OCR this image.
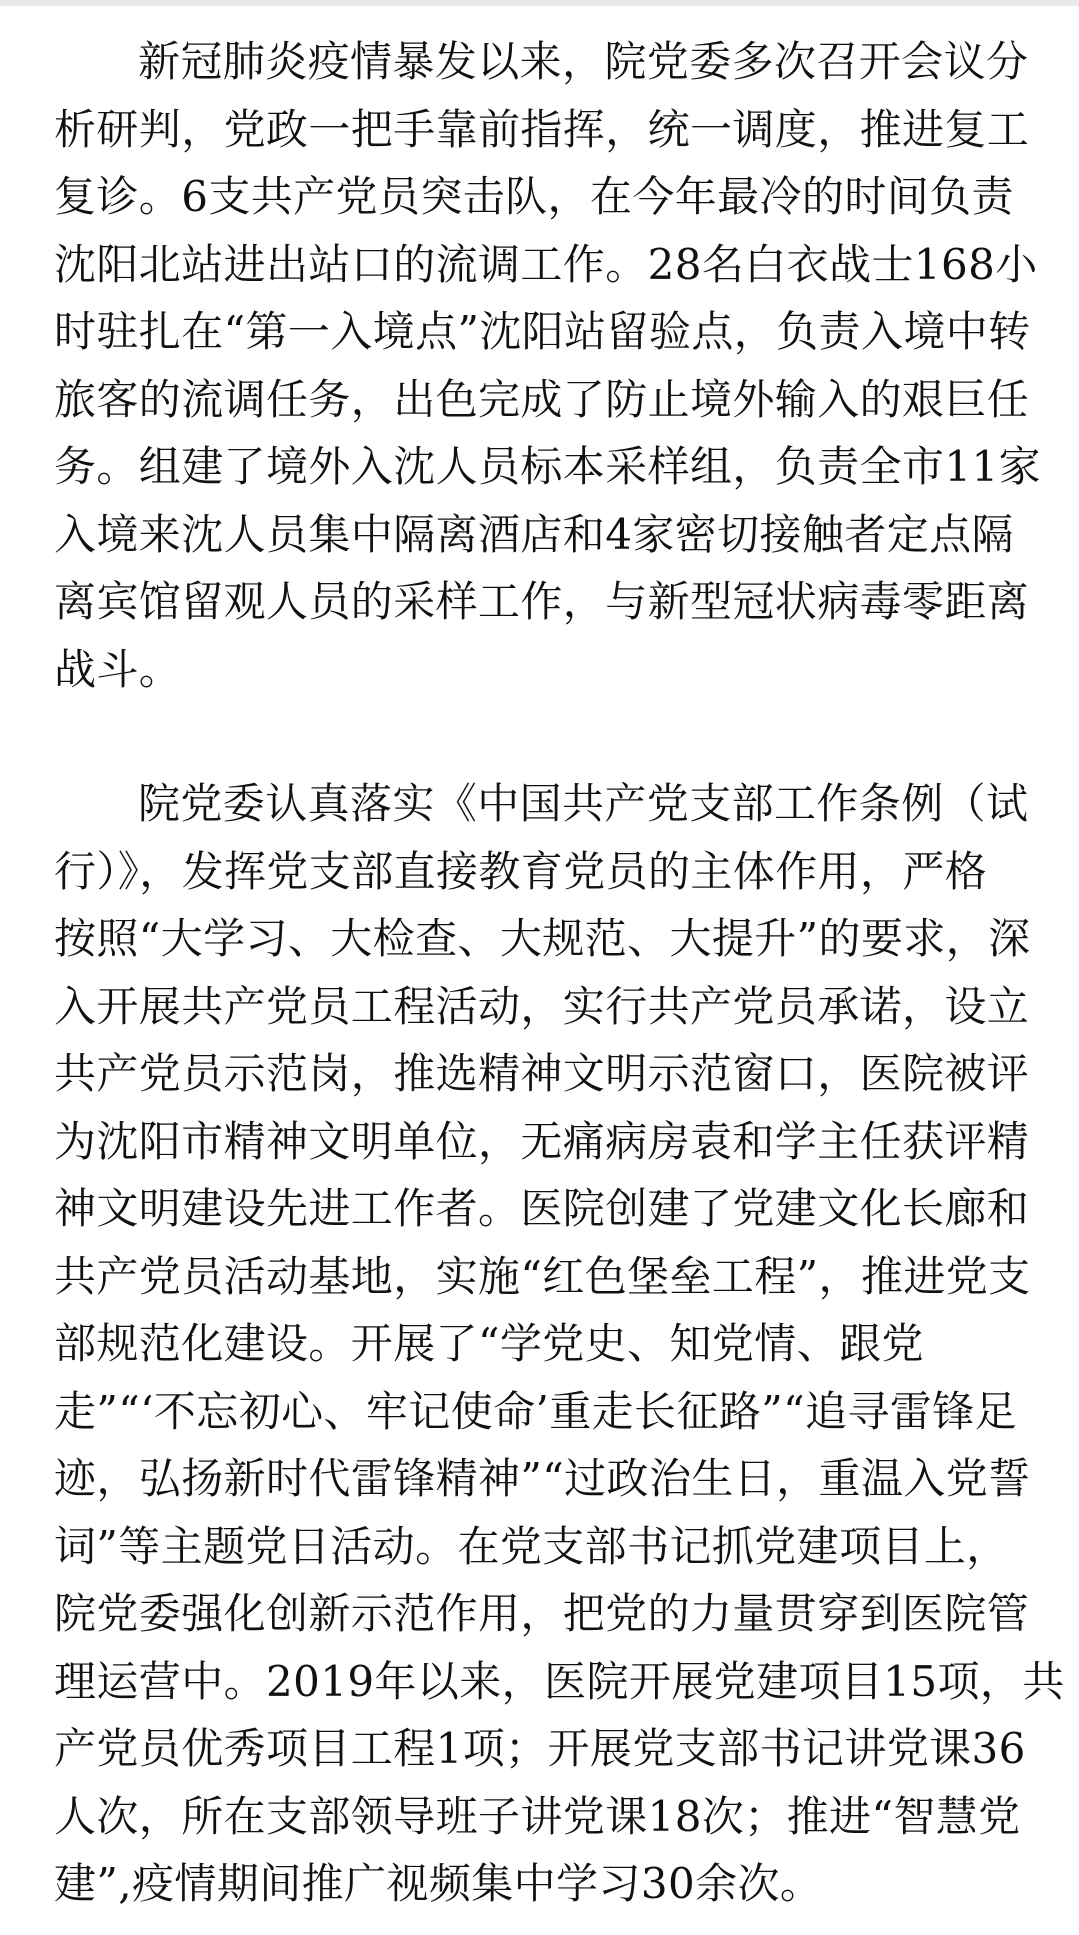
新冠肺炎疫情暴发以来，院党委多次召开会议分
析研判，党政一把手靠前指挥，统一调度，推进复工
复诊。6支共产党员突击队，在今年最冷的时间负责
沈阳北站进出站口的流调工作。28名白衣战士168小
时驻扎在“第一入境点”沈阳站留验点，负责入境中转
旅客的流调任务，出色完成了防止境外输入的艰巨任
务。组建了境外入沈人员标本采样组，负责全市11家
入境来沈人员集中隔离酒店和4家密切接触者定点隔
离宾馆留观人员的采样工作，与新型冠状病毒零距离
战斗。
院党委认真落实《中国共产党支部工作条例（试
行）》，发挥党支部直接教育党员的主体作用，严格
按照“大学习、大检查、大规范、大提升”的要求，深
入开展共产党员工程活动，实行共产党员承诺，设立
共产党员示范岗，推选精神文明示范窗口，医院被评
为沈阳市精神文明单位，无痛病房袁和学主任获评精
神文明建设先进工作者。医院创建了党建文化长廊和
共产党员活动基地，实施“红色堡垒工程”，推进党支
部规范化建设。开展了“学党史、知党情、跟党
走”“‘不忘初心、牢记使命’重走长征路”“追寻雷锋足
迹，弘扬新时代雷锋精神”“过政治生日，重温入党誓
词”等主题党日活动。在党支部书记抓党建项目上，
院党委强化创新示范作用，把党的力量贯穿到医院管
理运营中。2019年以来，医院开展党建项目15项，共
产党员优秀项目工程1项；开展党支部书记讲党课36
人次，所在支部领导班子讲党课18次；推进“智慧党
建”,疫情期间推广视频集中学习30余次。
